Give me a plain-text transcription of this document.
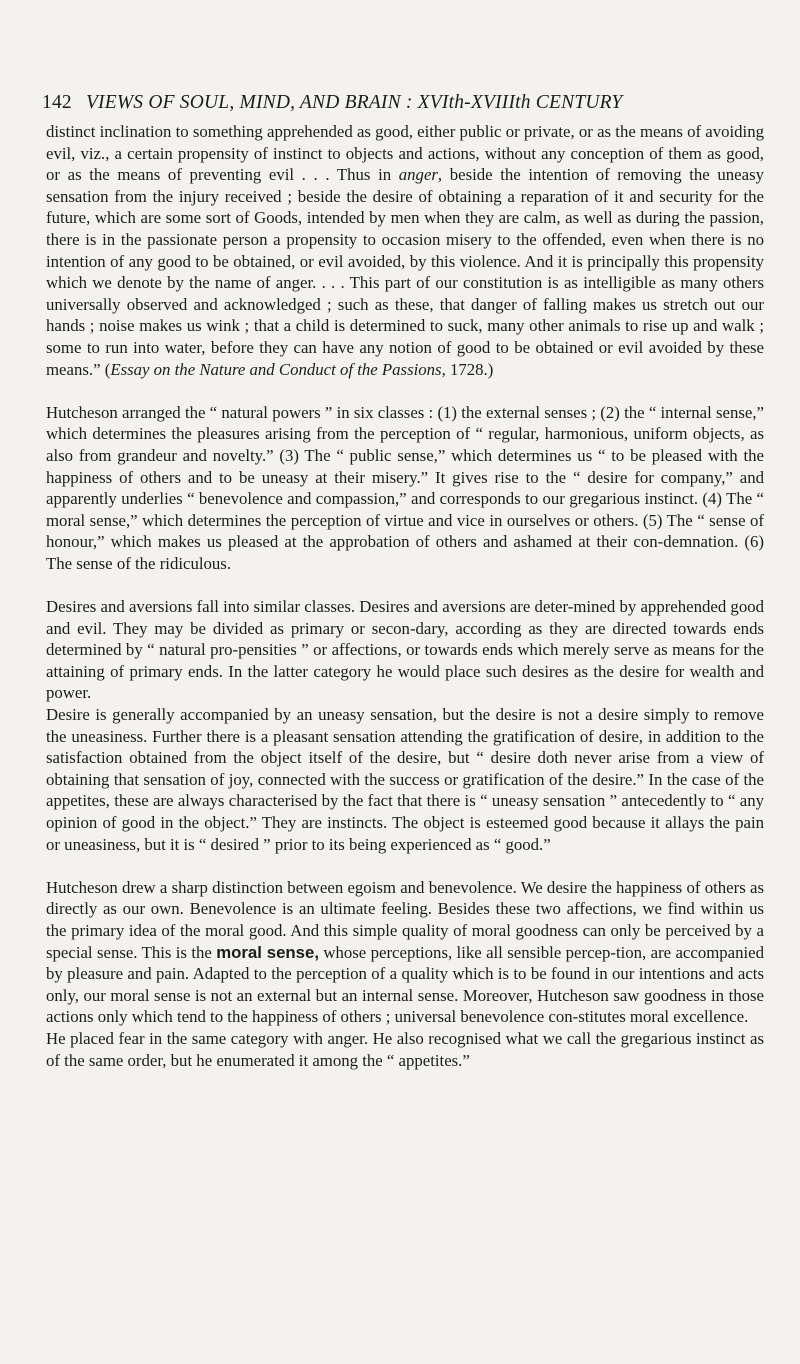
142 VIEWS OF SOUL, MIND, AND BRAIN : XVIth-XVIIIth CENTURY

distinct inclination to something apprehended as good, either public or private, or as the means of avoiding evil, viz., a certain propensity of instinct to objects and actions, without any conception of them as good, or as the means of preventing evil . . . Thus in anger, beside the intention of removing the uneasy sensation from the injury received ; beside the desire of obtaining a reparation of it and security for the future, which are some sort of Goods, intended by men when they are calm, as well as during the passion, there is in the passionate person a propensity to occasion misery to the offended, even when there is no intention of any good to be obtained, or evil avoided, by this violence. And it is principally this propensity which we denote by the name of anger. . . . This part of our constitution is as intelligible as many others universally observed and acknowledged ; such as these, that danger of falling makes us stretch out our hands ; noise makes us wink ; that a child is determined to suck, many other animals to rise up and walk ; some to run into water, before they can have any notion of good to be obtained or evil avoided by these means.” (Essay on the Nature and Conduct of the Passions, 1728.)

Hutcheson arranged the “ natural powers ” in six classes : (1) the external senses ; (2) the “ internal sense,” which determines the pleasures arising from the perception of “ regular, harmonious, uniform objects, as also from grandeur and novelty.” (3) The “ public sense,” which determines us “ to be pleased with the happiness of others and to be uneasy at their misery.” It gives rise to the “ desire for company,” and apparently underlies “ benevolence and compassion,” and corresponds to our gregarious instinct. (4) The “ moral sense,” which determines the perception of virtue and vice in ourselves or others. (5) The “ sense of honour,” which makes us pleased at the approbation of others and ashamed at their con-demnation. (6) The sense of the ridiculous.

Desires and aversions fall into similar classes. Desires and aversions are deter-mined by apprehended good and evil. They may be divided as primary or secon-dary, according as they are directed towards ends determined by “ natural pro-pensities ” or affections, or towards ends which merely serve as means for the attaining of primary ends. In the latter category he would place such desires as the desire for wealth and power.

Desire is generally accompanied by an uneasy sensation, but the desire is not a desire simply to remove the uneasiness. Further there is a pleasant sensation attending the gratification of desire, in addition to the satisfaction obtained from the object itself of the desire, but “ desire doth never arise from a view of obtaining that sensation of joy, connected with the success or gratification of the desire.” In the case of the appetites, these are always characterised by the fact that there is “ uneasy sensation ” antecedently to “ any opinion of good in the object.” They are instincts. The object is esteemed good because it allays the pain or uneasiness, but it is “ desired ” prior to its being experienced as “ good.”

Hutcheson drew a sharp distinction between egoism and benevolence. We desire the happiness of others as directly as our own. Benevolence is an ultimate feeling. Besides these two affections, we find within us the primary idea of the moral good. And this simple quality of moral goodness can only be perceived by a special sense. This is the moral sense, whose perceptions, like all sensible percep-tion, are accompanied by pleasure and pain. Adapted to the perception of a quality which is to be found in our intentions and acts only, our moral sense is not an external but an internal sense. Moreover, Hutcheson saw goodness in those actions only which tend to the happiness of others ; universal benevolence con-stitutes moral excellence.

He placed fear in the same category with anger. He also recognised what we call the gregarious instinct as of the same order, but he enumerated it among the “ appetites.”
